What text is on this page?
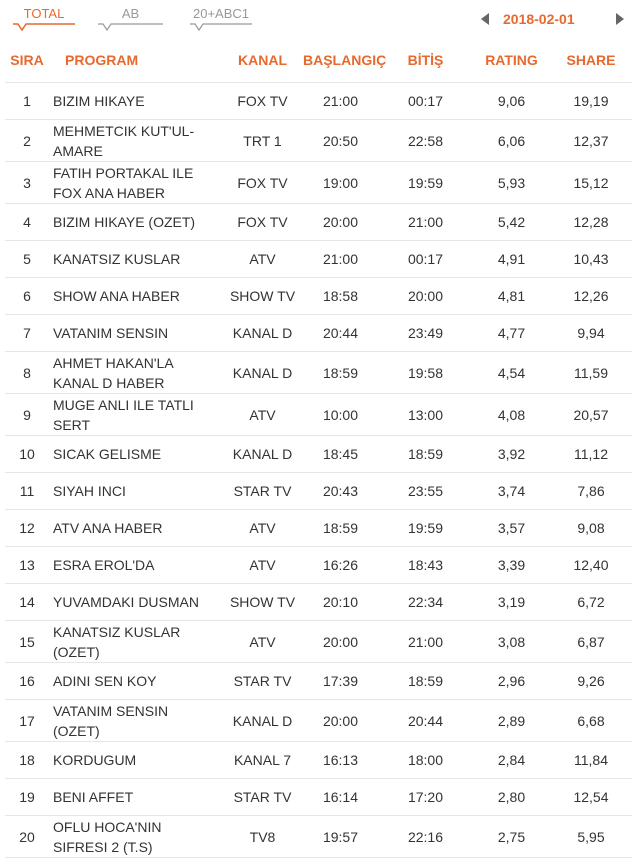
TOTAL	AB	20+ABC1	2018-02-01
SIRA	PROGRAM	KANAL	BAŞLANGIÇ	BİTİŞ	RATING	SHARE
1	BIZIM HIKAYE	FOX TV	21:00	00:17	9,06	19,19
2	MEHMETCIK KUT'UL-
AMARE	TRT 1	20:50	22:58	6,06	12,37
3	FATIH PORTAKAL ILE
FOX ANA HABER	FOX TV	19:00	19:59	5,93	15,12
4	BIZIM HIKAYE (OZET)	FOX TV	20:00	21:00	5,42	12,28
5	KANATSIZ KUSLAR	ATV	21:00	00:17	4,91	10,43
6	SHOW ANA HABER	SHOW TV	18:58	20:00	4,81	12,26
7	VATANIM SENSIN	KANAL D	20:44	23:49	4,77	9,94
8	AHMET HAKAN'LA
KANAL D HABER	KANAL D	18:59	19:58	4,54	11,59
9	MUGE ANLI ILE TATLI
SERT	ATV	10:00	13:00	4,08	20,57
10	SICAK GELISME	KANAL D	18:45	18:59	3,92	11,12
11	SIYAH INCI	STAR TV	20:43	23:55	3,74	7,86
12	ATV ANA HABER	ATV	18:59	19:59	3,57	9,08
13	ESRA EROL'DA	ATV	16:26	18:43	3,39	12,40
14	YUVAMDAKI DUSMAN	SHOW TV	20:10	22:34	3,19	6,72
15	KANATSIZ KUSLAR
(OZET)	ATV	20:00	21:00	3,08	6,87
16	ADINI SEN KOY	STAR TV	17:39	18:59	2,96	9,26
17	VATANIM SENSIN
(OZET)	KANAL D	20:00	20:44	2,89	6,68
18	KORDUGUM	KANAL 7	16:13	18:00	2,84	11,84
19	BENI AFFET	STAR TV	16:14	17:20	2,80	12,54
20	OFLU HOCA'NIN
SIFRESI 2 (T.S)	TV8	19:57	22:16	2,75	5,95
